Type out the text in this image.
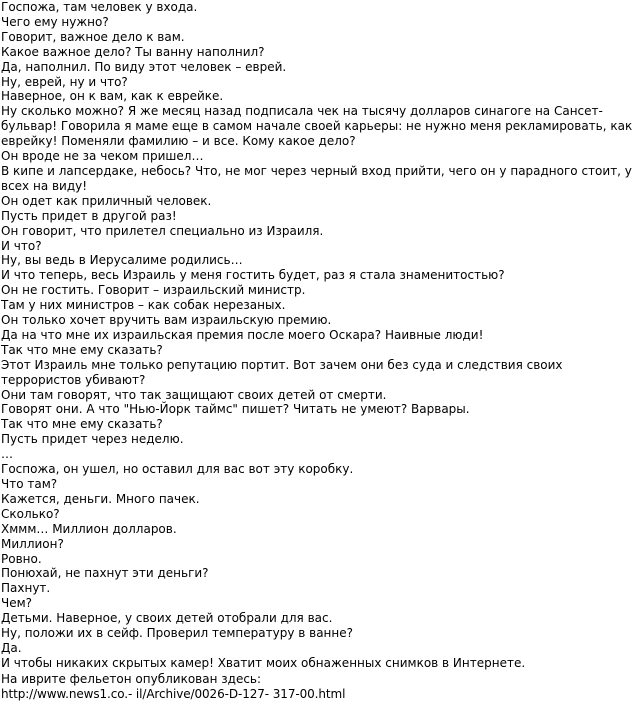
Госпожа, там человек у входа.
Чего ему нужно?
Говорит, важное дело к вам.
Какое важное дело? Ты ванну наполнил?
Да, наполнил. По виду этот человек – еврей.
Ну, еврей, ну и что?
Наверное, он к вам, как к еврейке.
Ну сколько можно? Я же месяц назад подписала чек на тысячу долларов синагоге на Сансет-бульвар! Говорила я маме еще в самом начале своей карьеры: не нужно меня рекламировать, как еврейку! Поменяли фамилию – и все. Кому какое дело?
Он вроде не за чеком пришел…
В кипе и лапсердаке, небось? Что, не мог через черный вход прийти, чего он у парадного стоит, у всех на виду!
Он одет как приличный человек.
Пусть придет в другой раз!
Он говорит, что прилетел специально из Израиля.
И что?
Ну, вы ведь в Иерусалиме родились…
И что теперь, весь Израиль у меня гостить будет, раз я стала знаменитостью?
Он не гостить. Говорит – израильский министр.
Там у них министров – как собак нерезаных.
Он только хочет вручить вам израильскую премию.
Да на что мне их израильская премия после моего Оскара? Наивные люди!
Так что мне ему сказать?
Этот Израиль мне только репутацию портит. Вот зачем они без суда и следствия своих террористов убивают?
Они там говорят, что так защищают своих детей от смерти.
Говорят они. А что "Нью-Йорк таймс" пишет? Читать не умеют? Варвары.
Так что мне ему сказать?
Пусть придет через неделю.
…
Госпожа, он ушел, но оставил для вас вот эту коробку.
Что там?
Кажется, деньги. Много пачек.
Сколько?
Хммм… Миллион долларов.
Миллион?
Ровно.
Понюхай, не пахнут эти деньги?
Пахнут.
Чем?
Детьми. Наверное, у своих детей отобрали для вас.
Ну, положи их в сейф. Проверил температуру в ванне?
Да.
И чтобы никаких скрытых камер! Хватит моих обнаженных снимков в Интернете.
На иврите фельетон опубликован здесь:
http://www.news1.co.- il/Archive/0026-D-127- 317-00.html
